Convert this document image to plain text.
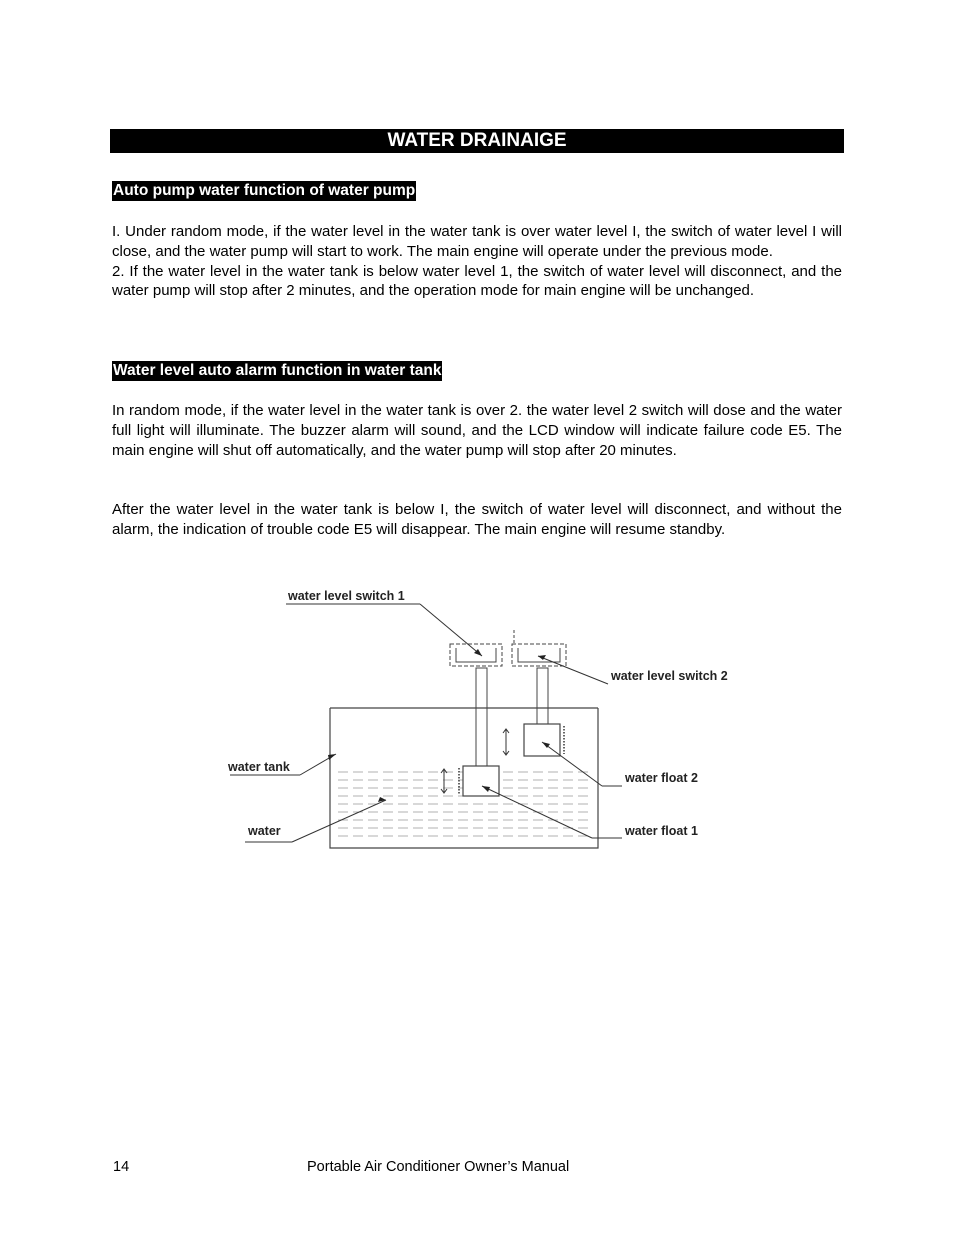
WATER DRAINAIGE
Auto pump water function of water pump
I. Under random mode, if the water level in the water tank is over water level I, the switch of water level I will close, and the water pump will start to work. The main engine will operate under the previous mode.
2. If the water level in the water tank is below water level 1, the switch of water level will disconnect, and the water pump will stop after 2 minutes, and the operation mode for main engine will be unchanged.
Water level auto alarm function in water tank
In random mode, if the water level in the water tank is over 2. the water level 2 switch will dose and the water full light will illuminate. The buzzer alarm will sound, and the LCD window will indicate failure code E5. The main engine will shut off automatically, and the water pump will stop after 20 minutes.
After the water level in the water tank is below I, the switch of water level will disconnect, and without the alarm, the indication of trouble code E5 will disappear. The main engine will resume standby.
water level switch 1
water level switch 2
water tank
water
water float 2
water float 1
14	Portable Air Conditioner Owner’s Manual
